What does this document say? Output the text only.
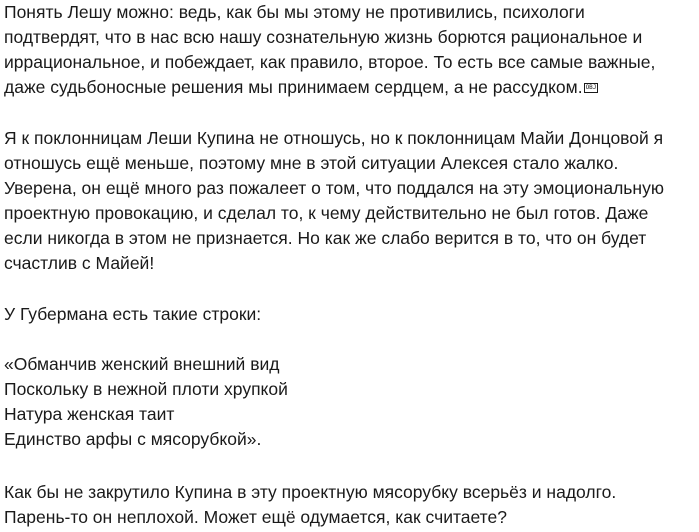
Понять Лешу можно: ведь, как бы мы этому не противились, психологи
подтвердят, что в нас всю нашу сознательную жизнь борются рациональное и
иррациональное, и побеждает, как правило, второе. То есть все самые важные,
даже судьбоносные решения мы принимаем сердцем, а не рассудком. OBJ

Я к поклонницам Леши Купина не отношусь, но к поклонницам Майи Донцовой я
отношусь ещё меньше, поэтому мне в этой ситуации Алексея стало жалко.
Уверена, он ещё много раз пожалеет о том, что поддался на эту эмоциональную
проектную провокацию, и сделал то, к чему действительно не был готов. Даже
если никогда в этом не признается. Но как же слабо верится в то, что он будет
счастлив с Майей!

У Губермана есть такие строки:

«Обманчив женский внешний вид
Поскольку в нежной плоти хрупкой
Натура женская таит
Единство арфы с мясорубкой».

Как бы не закрутило Купина в эту проектную мясорубку всерьёз и надолго.
Парень-то он неплохой. Может ещё одумается, как считаете?
